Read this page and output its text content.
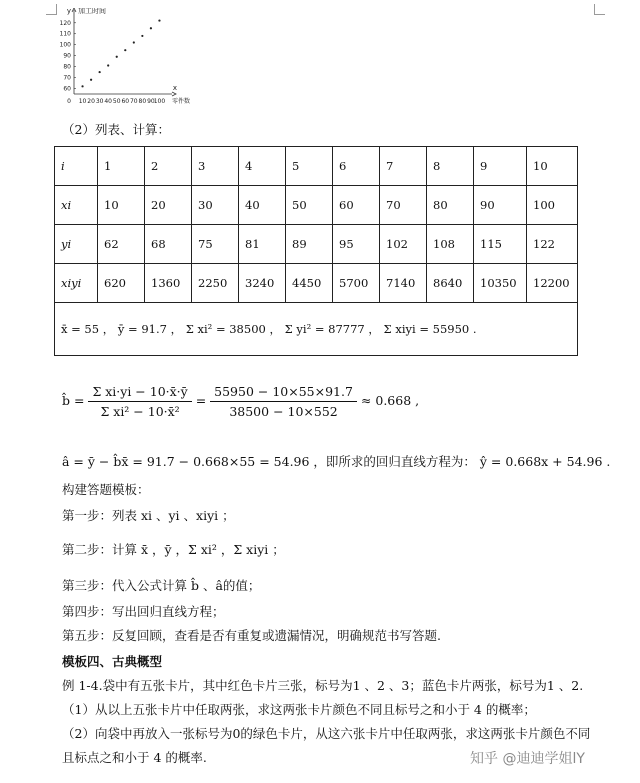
10 20 30 40 50 60 70 80 90
100
60
70
80
90
100
110
120
0
y
x
加工时间
零件数
（2）列表、计算：
i	1	2	3	4	5	6	7	8	9	10
xi	10	20	30	40	50	60	70	80	90	100
yi	62	68	75	81	89	95	102	108	115	122
xiyi	620	1360	2250	3240	4450	5700	7140	8640	10350	12200
x̄ = 55 ， ȳ = 91.7 ， Σ xi² = 38500 ， Σ yi² = 87777 ， Σ xiyi = 55950 .										
b̂ = $\frac{\text{Σ xi·yi − 10·x̄·ȳ}}{\text{Σ xi² − 10·x̄²}} = \frac{55950 - 10\times 55\times 91.7}{38500 - 10\times 552} \approx 0.668$ ,
â = ȳ − b̂x̄ = 91.7 − 0.668×55 = 54.96 ，即所求的回归直线方程为： ŷ = 0.668x + 54.96 .
构建答题模板：
第一步：列表 xi 、yi 、xiyi ；
第二步：计算 x̄ ，ȳ ，Σ xi² ，Σ xiyi ；
第三步：代入公式计算 b̂ 、â的值；
第四步：写出回归直线方程；
第五步：反复回顾，查看是否有重复或遗漏情况，明确规范书写答题.
模板四、古典概型
例 1-4.袋中有五张卡片，其中红色卡片三张，标号为1 、2 、3；蓝色卡片两张，标号为1 、2.
（1）从以上五张卡片中任取两张，求这两张卡片颜色不同且标号之和小于 4 的概率；
（2）向袋中再放入一张标号为0的绿色卡片，从这六张卡片中任取两张，求这两张卡片颜色不同
且标点之和小于 4 的概率.	知乎 @迪迪学姐lY
